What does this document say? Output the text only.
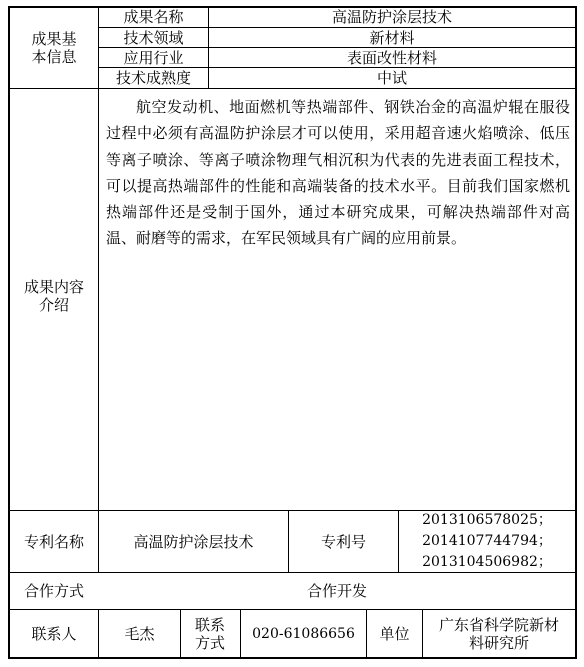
成果基本信息
成果名称	高温防护涂层技术
技术领域	新材料
应用行业	表面改性材料
技术成熟度	中试
成果内容介绍
航空发动机、地面燃机等热端部件、钢铁冶金的高温炉辊在服役过程中必须有高温防护涂层才可以使用，采用超音速火焰喷涂、低压等离子喷涂、等离子喷涂物理气相沉积为代表的先进表面工程技术，可以提高热端部件的性能和高端装备的技术水平。目前我们国家燃机热端部件还是受制于国外，通过本研究成果，可解决热端部件对高温、耐磨等的需求，在军民领域具有广阔的应用前景。
专利名称	高温防护涂层技术	专利号
2013106578025；
2014107744794；
2013104506982；
合作方式	合作开发
联系人	毛杰	联系方式	020-61086656	单位	广东省科学院新材料研究所
